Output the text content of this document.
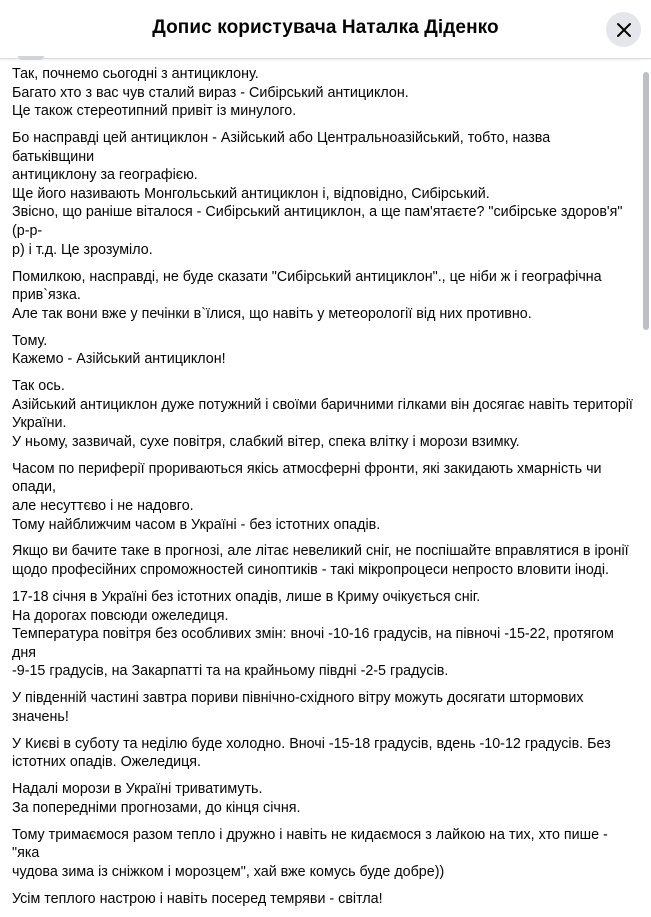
Допис користувача Наталка Діденко
Так, почнемо сьогодні з антициклону.
Багато хто з вас чув сталий вираз - Сибірський антициклон.
Це також стереотипний привіт із минулого.
Бо насправді цей антициклон - Азійський або Центральноазійський, тобто, назва батьківщини
антициклону за географією.
Ще його називають Монгольський антициклон і, відповідно, Сибірський.
Звісно, що раніше віталося - Сибірський антициклон, а ще пам'ятаєте? "сибірське здоров'я" (р-р-
р) і т.д. Це зрозуміло.
Помилкою, насправді, не буде сказати "Сибірський антициклон"., це ніби ж і географічна
прив`язка.
Але так вони вже у печінки в`їлися, що навіть у метеорології від них противно.
Тому.
Кажемо - Азійський антициклон!
Так ось.
Азійський антициклон дуже потужний і своїми баричними гілками він досягає навіть території
України.
У ньому, зазвичай, сухе повітря, слабкий вітер, спека влітку і морози взимку.
Часом по периферії прориваються якісь атмосферні фронти, які закидають хмарність чи опади,
але несуттєво і не надовго.
Тому найближчим часом в Україні - без істотних опадів.
Якщо ви бачите таке в прогнозі, але літає невеликий сніг, не поспішайте вправлятися в іронії
щодо професійних спроможностей синоптиків - такі мікропроцеси непросто вловити іноді.
17-18 січня в Україні без істотних опадів, лише в Криму очікується сніг.
На дорогах повсюди ожеледиця.
Температура повітря без особливих змін: вночі -10-16 градусів, на півночі -15-22, протягом дня
-9-15 градусів, на Закарпатті та на крайньому півдні -2-5 градусів.
У південній частині завтра пориви північно-східного вітру можуть досягати штормових значень!
У Києві в суботу та неділю буде холодно. Вночі -15-18 градусів, вдень -10-12 градусів. Без
істотних опадів. Ожеледиця.
Надалі морози в Україні триватимуть.
За попередніми прогнозами, до кінця січня.
Тому тримаємося разом тепло і дружно і навіть не кидаємося з лайкою на тих, хто пише -"яка
чудова зима із сніжком і морозцем", хай вже комусь буде добре))
Усім теплого настрою і навіть посеред темряви - світла!
